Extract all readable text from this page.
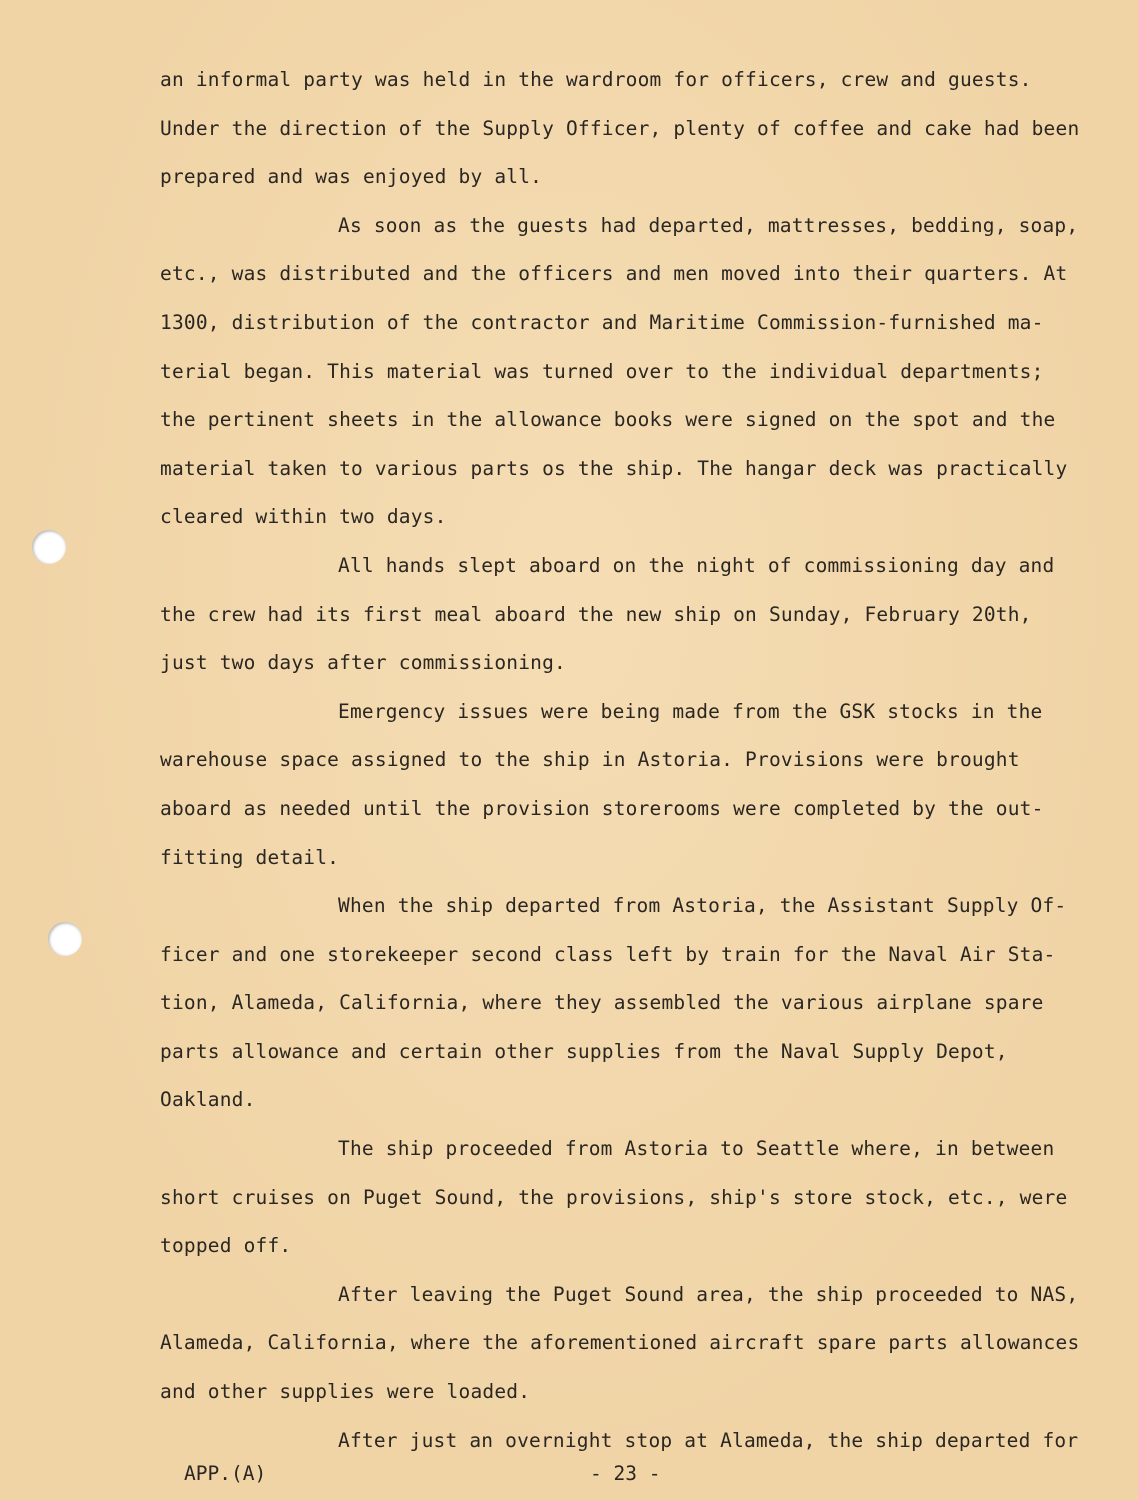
an informal party was held in the wardroom for officers, crew and guests.
Under the direction of the Supply Officer, plenty of coffee and cake had been
prepared and was enjoyed by all.
As soon as the guests had departed, mattresses, bedding, soap,
etc., was distributed and the officers and men moved into their quarters. At
1300, distribution of the contractor and Maritime Commission-furnished ma-
terial began. This material was turned over to the individual departments;
the pertinent sheets in the allowance books were signed on the spot and the
material taken to various parts os the ship. The hangar deck was practically
cleared within two days.
All hands slept aboard on the night of commissioning day and
the crew had its first meal aboard the new ship on Sunday, February 20th,
just two days after commissioning.
Emergency issues were being made from the GSK stocks in the
warehouse space assigned to the ship in Astoria. Provisions were brought
aboard as needed until the provision storerooms were completed by the out-
fitting detail.
When the ship departed from Astoria, the Assistant Supply Of-
ficer and one storekeeper second class left by train for the Naval Air Sta-
tion, Alameda, California, where they assembled the various airplane spare
parts allowance and certain other supplies from the Naval Supply Depot,
Oakland.
The ship proceeded from Astoria to Seattle where, in between
short cruises on Puget Sound, the provisions, ship's store stock, etc., were
topped off.
After leaving the Puget Sound area, the ship proceeded to NAS,
Alameda, California, where the aforementioned aircraft spare parts allowances
and other supplies were loaded.
After just an overnight stop at Alameda, the ship departed for
APP.(A)	- 23 -
